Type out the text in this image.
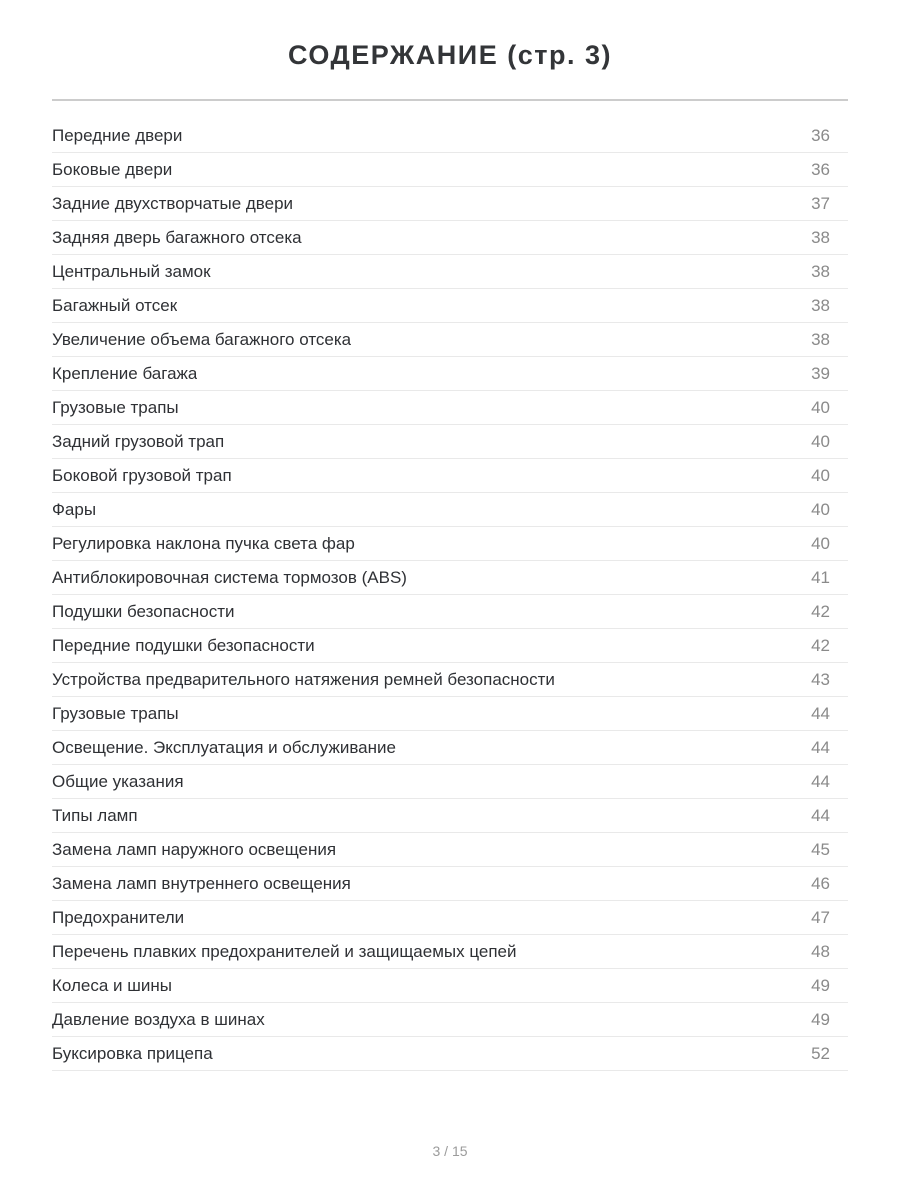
СОДЕРЖАНИЕ (стр. 3)
Передние двери	36
Боковые двери	36
Задние двухстворчатые двери	37
Задняя дверь багажного отсека	38
Центральный замок	38
Багажный отсек	38
Увеличение объема багажного отсека	38
Крепление багажа	39
Грузовые трапы	40
Задний грузовой трап	40
Боковой грузовой трап	40
Фары	40
Регулировка наклона пучка света фар	40
Антиблокировочная система тормозов (ABS)	41
Подушки безопасности	42
Передние подушки безопасности	42
Устройства предварительного натяжения ремней безопасности	43
Грузовые трапы	44
Освещение. Эксплуатация и обслуживание	44
Общие указания	44
Типы ламп	44
Замена ламп наружного освещения	45
Замена ламп внутреннего освещения	46
Предохранители	47
Перечень плавких предохранителей и защищаемых цепей	48
Колеса и шины	49
Давление воздуха в шинах	49
Буксировка прицепа	52
3 / 15
